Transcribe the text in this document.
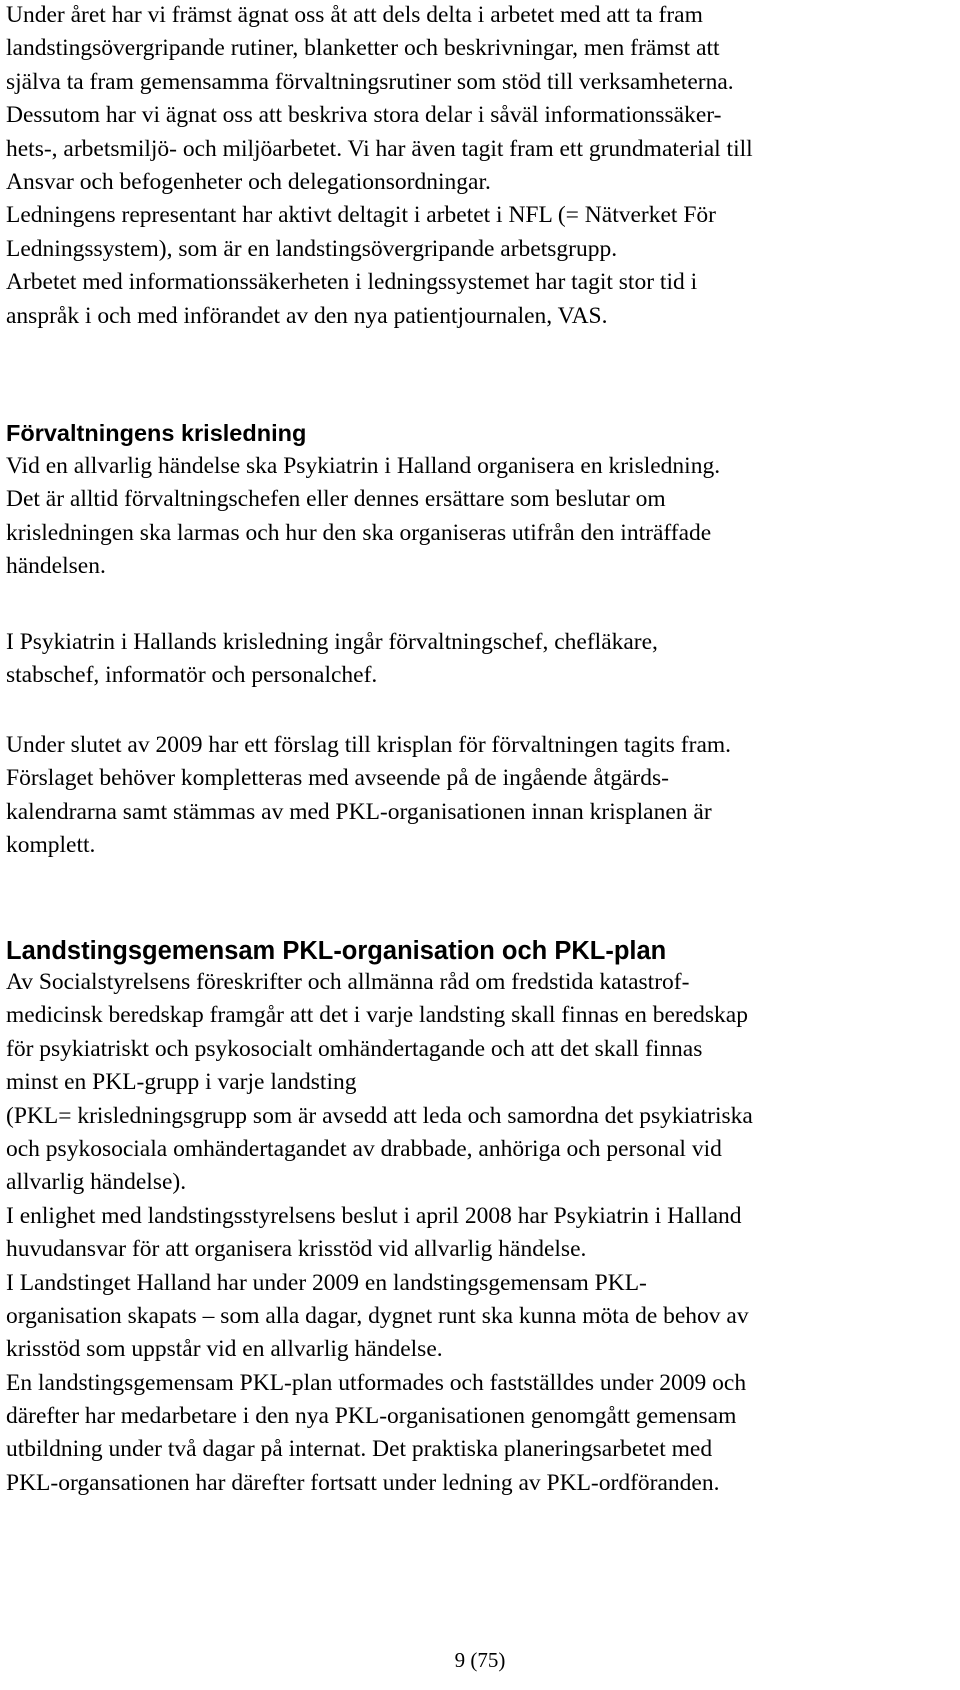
Under året har vi främst ägnat oss åt att dels delta i arbetet med att ta fram

landstingsövergripande rutiner, blanketter och beskrivningar, men främst att

själva ta fram gemensamma förvaltningsrutiner som stöd till verksamheterna.

Dessutom har vi ägnat oss att beskriva stora delar i såväl informationssäker-

hets-, arbetsmiljö- och miljöarbetet. Vi har även tagit fram ett grundmaterial till

Ansvar och befogenheter och delegationsordningar.

Ledningens representant har aktivt deltagit i arbetet i NFL (= Nätverket För

Ledningssystem), som är en landstingsövergripande arbetsgrupp.

Arbetet med informationssäkerheten i ledningssystemet har tagit stor tid i

anspråk i och med införandet av den nya patientjournalen, VAS.

Förvaltningens krisledning

Vid en allvarlig händelse ska Psykiatrin i Halland organisera en krisledning.

Det är alltid förvaltningschefen eller dennes ersättare som beslutar om

krisledningen ska larmas och hur den ska organiseras utifrån den inträffade

händelsen.

I Psykiatrin i Hallands krisledning ingår förvaltningschef, chefläkare,

stabschef, informatör och personalchef.

Under slutet av 2009 har ett förslag till krisplan för förvaltningen tagits fram.

Förslaget behöver kompletteras med avseende på de ingående åtgärds-

kalendrarna samt stämmas av med PKL-organisationen innan krisplanen är

komplett.

Landstingsgemensam PKL-organisation och PKL-plan

Av Socialstyrelsens föreskrifter och allmänna råd om fredstida katastrof-

medicinsk beredskap framgår att det i varje landsting skall finnas en beredskap

för psykiatriskt och psykosocialt omhändertagande och att det skall finnas

minst en PKL-grupp i varje landsting

(PKL= krisledningsgrupp som är avsedd att leda och samordna det psykiatriska

och psykosociala omhändertagandet av drabbade, anhöriga och personal vid

allvarlig händelse).

I enlighet med landstingsstyrelsens beslut i april 2008 har Psykiatrin i Halland

huvudansvar för att organisera krisstöd vid allvarlig händelse.

I Landstinget Halland har under 2009 en landstingsgemensam PKL-

organisation skapats – som alla dagar, dygnet runt ska kunna möta de behov av

krisstöd som uppstår vid en allvarlig händelse.

En landstingsgemensam PKL-plan utformades och fastställdes under 2009 och

därefter har medarbetare i den nya PKL-organisationen genomgått gemensam

utbildning under två dagar på internat. Det praktiska planeringsarbetet med

PKL-organsationen har därefter fortsatt under ledning av PKL-ordföranden.

9 (75)
